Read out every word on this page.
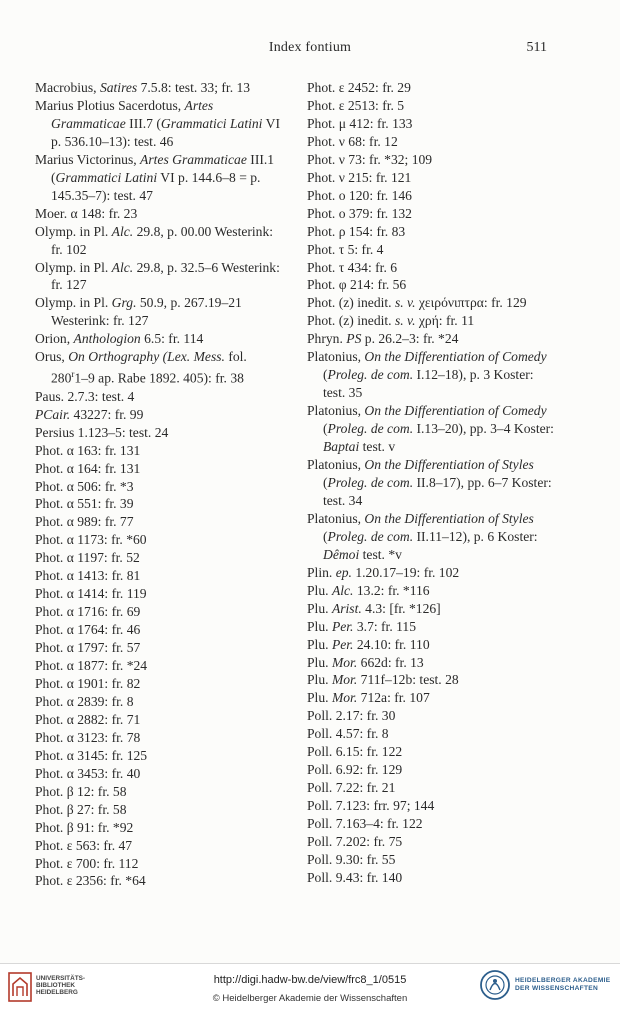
Index fontium	511
Macrobius, Satires 7.5.8: test. 33; fr. 13
Marius Plotius Sacerdotus, Artes Grammaticae III.7 (Grammatici Latini VI p. 536.10–13): test. 46
Marius Victorinus, Artes Grammaticae III.1 (Grammatici Latini VI p. 144.6–8 = p. 145.35–7): test. 47
Moer. α 148: fr. 23
Olymp. in Pl. Alc. 29.8, p. 00.00 Westerink: fr. 102
Olymp. in Pl. Alc. 29.8, p. 32.5–6 Westerink: fr. 127
Olymp. in Pl. Grg. 50.9, p. 267.19–21 Westerink: fr. 127
Orion, Anthologion 6.5: fr. 114
Orus, On Orthography (Lex. Mess. fol. 280$^r$1–9 ap. Rabe 1892. 405): fr. 38
Paus. 2.7.3: test. 4
PCair. 43227: fr. 99
Persius 1.123–5: test. 24
Phot. α 163: fr. 131
Phot. α 164: fr. 131
Phot. α 506: fr. *3
Phot. α 551: fr. 39
Phot. α 989: fr. 77
Phot. α 1173: fr. *60
Phot. α 1197: fr. 52
Phot. α 1413: fr. 81
Phot. α 1414: fr. 119
Phot. α 1716: fr. 69
Phot. α 1764: fr. 46
Phot. α 1797: fr. 57
Phot. α 1877: fr. *24
Phot. α 1901: fr. 82
Phot. α 2839: fr. 8
Phot. α 2882: fr. 71
Phot. α 3123: fr. 78
Phot. α 3145: fr. 125
Phot. α 3453: fr. 40
Phot. β 12: fr. 58
Phot. β 27: fr. 58
Phot. β 91: fr. *92
Phot. ε 563: fr. 47
Phot. ε 700: fr. 112
Phot. ε 2356: fr. *64
Phot. ε 2452: fr. 29
Phot. ε 2513: fr. 5
Phot. μ 412: fr. 133
Phot. ν 68: fr. 12
Phot. ν 73: fr. *32; 109
Phot. ν 215: fr. 121
Phot. ο 120: fr. 146
Phot. ο 379: fr. 132
Phot. ρ 154: fr. 83
Phot. τ 5: fr. 4
Phot. τ 434: fr. 6
Phot. φ 214: fr. 56
Phot. (z) inedit. s. v. χειρόνιπτρα: fr. 129
Phot. (z) inedit. s. v. χρή: fr. 11
Phryn. PS p. 26.2–3: fr. *24
Platonius, On the Differentiation of Comedy (Proleg. de com. I.12–18), p. 3 Koster: test. 35
Platonius, On the Differentiation of Comedy (Proleg. de com. I.13–20), pp. 3–4 Koster: Baptai test. v
Platonius, On the Differentiation of Styles (Proleg. de com. II.8–17), pp. 6–7 Koster: test. 34
Platonius, On the Differentiation of Styles (Proleg. de com. II.11–12), p. 6 Koster: Dêmoi test. *v
Plin. ep. 1.20.17–19: fr. 102
Plu. Alc. 13.2: fr. *116
Plu. Arist. 4.3: [fr. *126]
Plu. Per. 3.7: fr. 115
Plu. Per. 24.10: fr. 110
Plu. Mor. 662d: fr. 13
Plu. Mor. 711f–12b: test. 28
Plu. Mor. 712a: fr. 107
Poll. 2.17: fr. 30
Poll. 4.57: fr. 8
Poll. 6.15: fr. 122
Poll. 6.92: fr. 129
Poll. 7.22: fr. 21
Poll. 7.123: frr. 97; 144
Poll. 7.163–4: fr. 122
Poll. 7.202: fr. 75
Poll. 9.30: fr. 55
Poll. 9.43: fr. 140
UNIVERSITÄTS-
BIBLIOTHEK
HEIDELBERG
http://digi.hadw-bw.de/view/frc8_1/0515
© Heidelberger Akademie der Wissenschaften
HEIDELBERGER AKADEMIE
DER WISSENSCHAFTEN
